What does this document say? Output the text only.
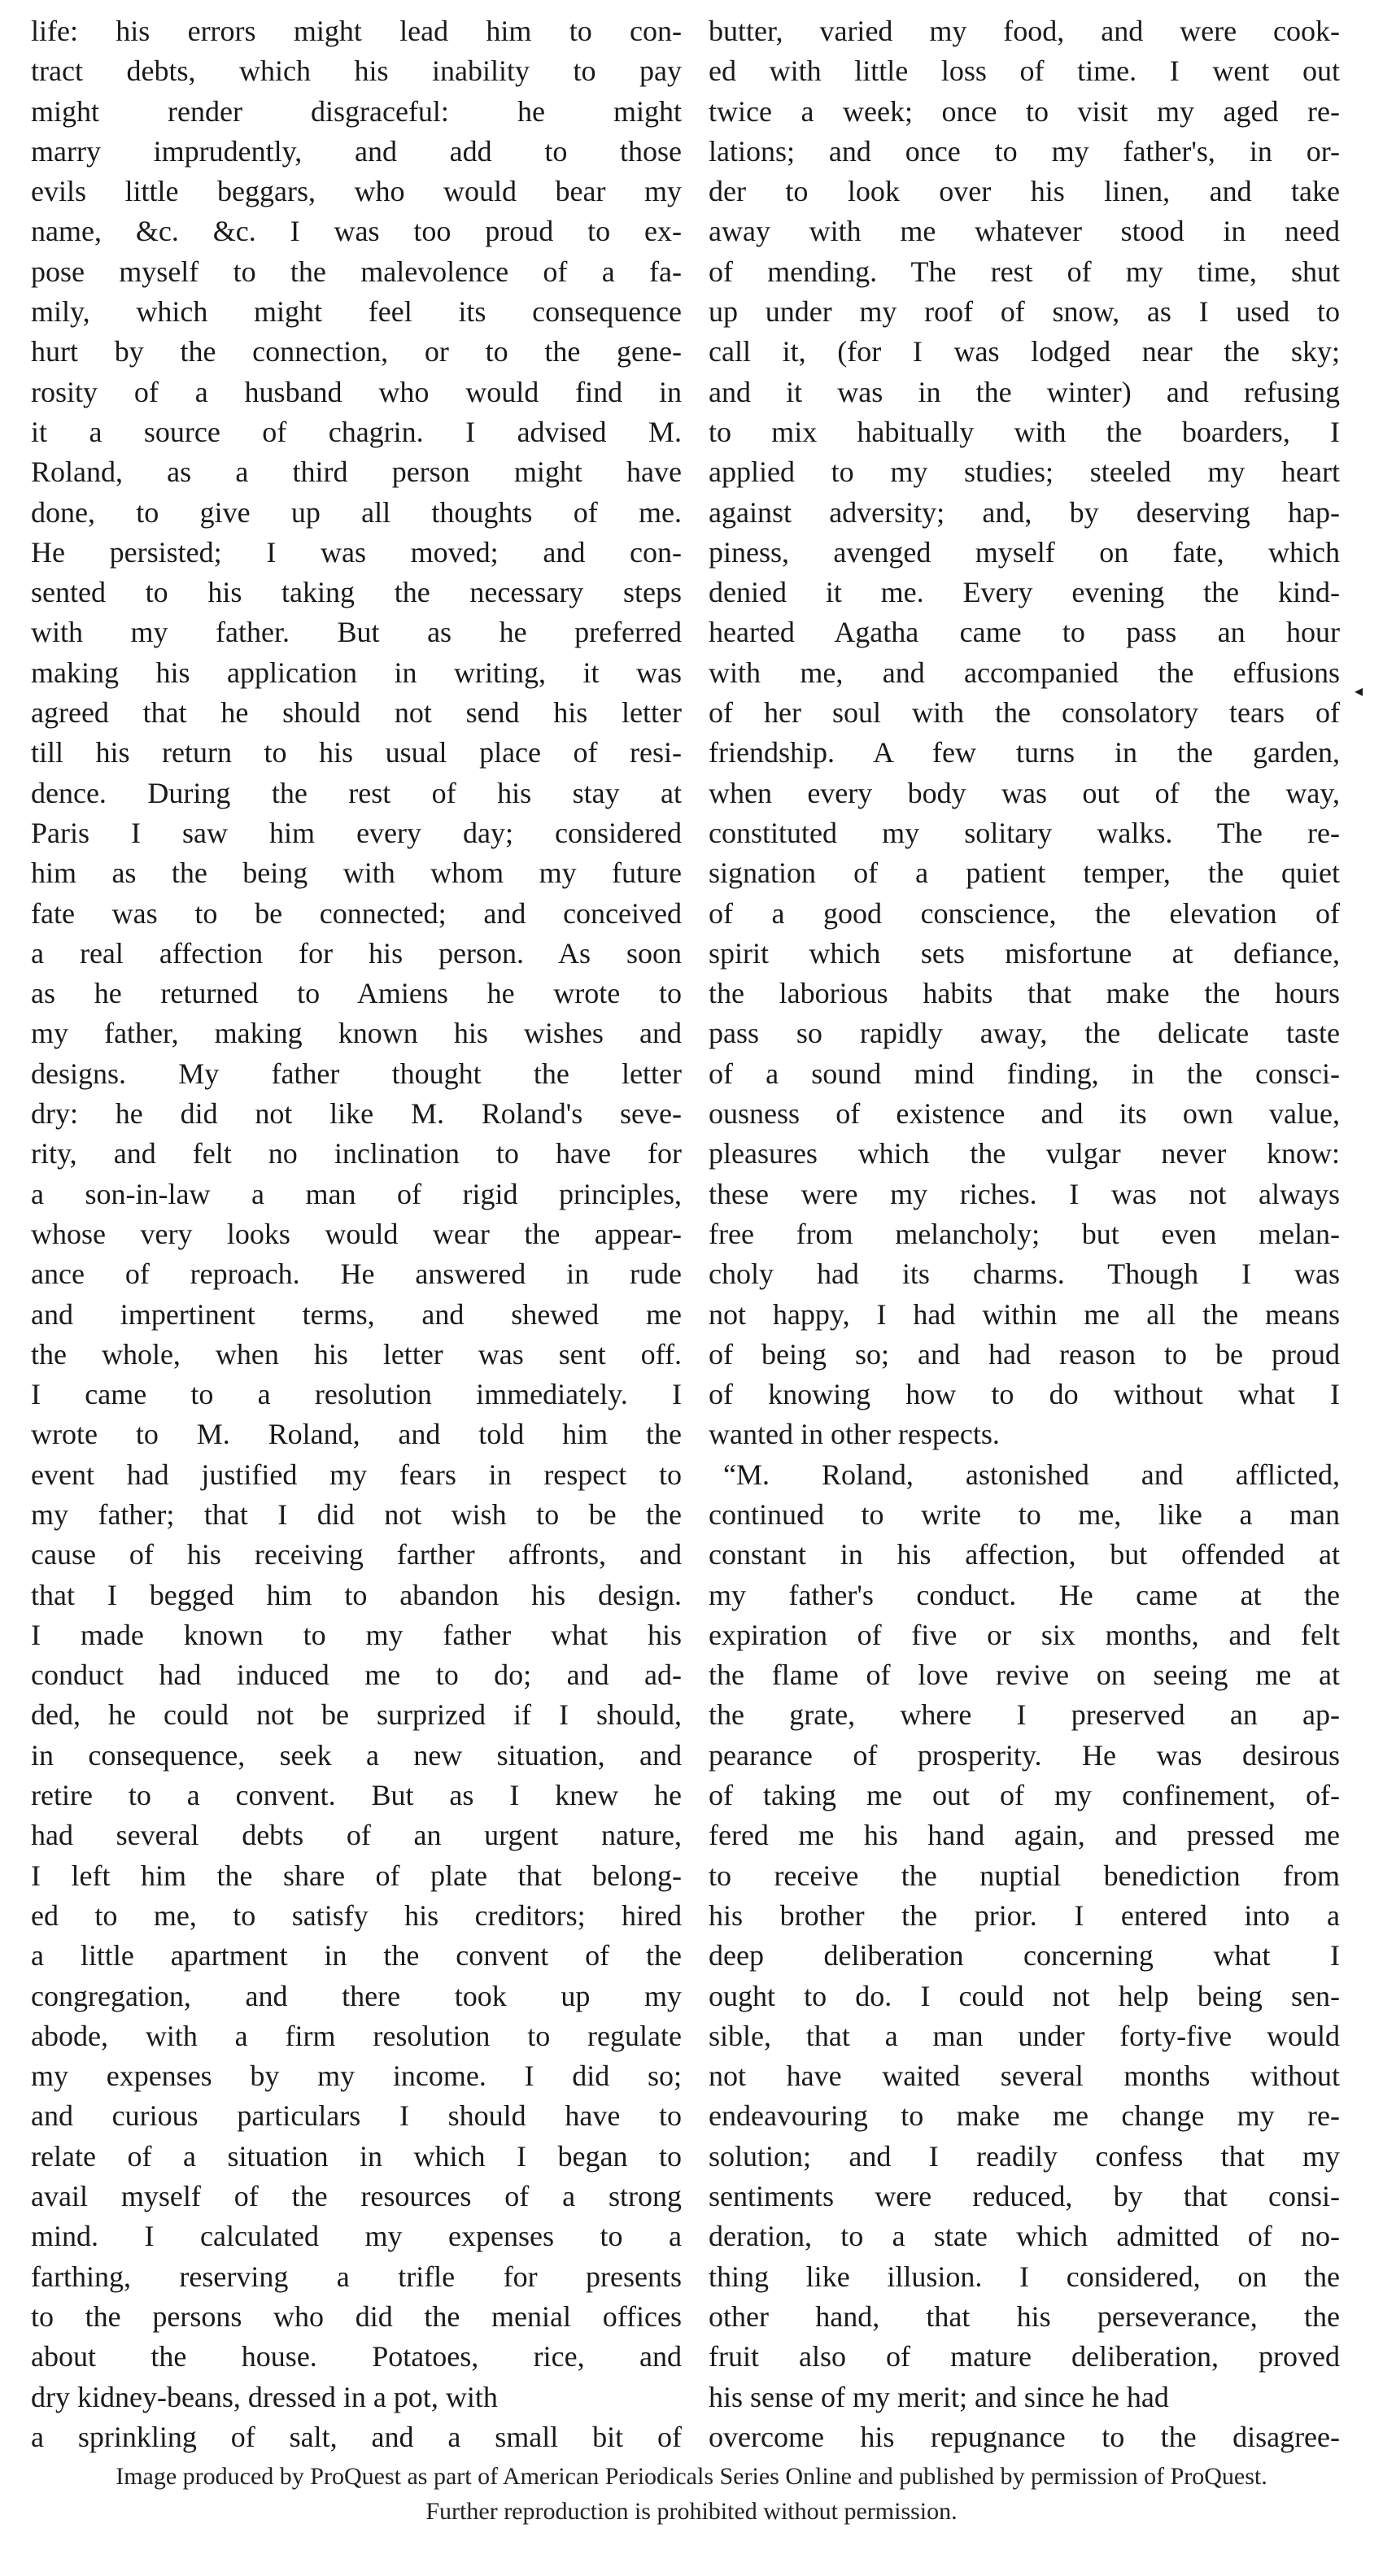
life: his errors might lead him to con-
tract debts, which his inability to pay
might render disgraceful: he might
marry imprudently, and add to those
evils little beggars, who would bear my
name, &c. &c. I was too proud to ex-
pose myself to the malevolence of a fa-
mily, which might feel its consequence
hurt by the connection, or to the gene-
rosity of a husband who would find in
it a source of chagrin. I advised M.
Roland, as a third person might have
done, to give up all thoughts of me.
He persisted; I was moved; and con-
sented to his taking the necessary steps
with my father. But as he preferred
making his application in writing, it was
agreed that he should not send his letter
till his return to his usual place of resi-
dence. During the rest of his stay at
Paris I saw him every day; considered
him as the being with whom my future
fate was to be connected; and conceived
a real affection for his person. As soon
as he returned to Amiens he wrote to
my father, making known his wishes and
designs. My father thought the letter
dry: he did not like M. Roland's seve-
rity, and felt no inclination to have for
a son-in-law a man of rigid principles,
whose very looks would wear the appear-
ance of reproach. He answered in rude
and impertinent terms, and shewed me
the whole, when his letter was sent off.
I came to a resolution immediately. I
wrote to M. Roland, and told him the
event had justified my fears in respect to
my father; that I did not wish to be the
cause of his receiving farther affronts, and
that I begged him to abandon his design.
I made known to my father what his
conduct had induced me to do; and ad-
ded, he could not be surprized if I should,
in consequence, seek a new situation, and
retire to a convent. But as I knew he
had several debts of an urgent nature,
I left him the share of plate that belong-
ed to me, to satisfy his creditors; hired
a little apartment in the convent of the
congregation, and there took up my
abode, with a firm resolution to regulate
my expenses by my income. I did so;
and curious particulars I should have to
relate of a situation in which I began to
avail myself of the resources of a strong
mind. I calculated my expenses to a
farthing, reserving a trifle for presents
to the persons who did the menial offices
about the house. Potatoes, rice, and
dry kidney-beans, dressed in a pot, with
a sprinkling of salt, and a small bit of
butter, varied my food, and were cook-
ed with little loss of time. I went out
twice a week; once to visit my aged re-
lations; and once to my father's, in or-
der to look over his linen, and take
away with me whatever stood in need
of mending. The rest of my time, shut
up under my roof of snow, as I used to
call it, (for I was lodged near the sky;
and it was in the winter) and refusing
to mix habitually with the boarders, I
applied to my studies; steeled my heart
against adversity; and, by deserving hap-
piness, avenged myself on fate, which
denied it me. Every evening the kind-
hearted Agatha came to pass an hour
with me, and accompanied the effusions
of her soul with the consolatory tears of
friendship. A few turns in the garden,
when every body was out of the way,
constituted my solitary walks. The re-
signation of a patient temper, the quiet
of a good conscience, the elevation of
spirit which sets misfortune at defiance,
the laborious habits that make the hours
pass so rapidly away, the delicate taste
of a sound mind finding, in the consci-
ousness of existence and its own value,
pleasures which the vulgar never know:
these were my riches. I was not always
free from melancholy; but even melan-
choly had its charms. Though I was
not happy, I had within me all the means
of being so; and had reason to be proud
of knowing how to do without what I
wanted in other respects.
“M. Roland, astonished and afflicted,
continued to write to me, like a man
constant in his affection, but offended at
my father's conduct. He came at the
expiration of five or six months, and felt
the flame of love revive on seeing me at
the grate, where I preserved an ap-
pearance of prosperity. He was desirous
of taking me out of my confinement, of-
fered me his hand again, and pressed me
to receive the nuptial benediction from
his brother the prior. I entered into a
deep deliberation concerning what I
ought to do. I could not help being sen-
sible, that a man under forty-five would
not have waited several months without
endeavouring to make me change my re-
solution; and I readily confess that my
sentiments were reduced, by that consi-
deration, to a state which admitted of no-
thing like illusion. I considered, on the
other hand, that his perseverance, the
fruit also of mature deliberation, proved
his sense of my merit; and since he had
overcome his repugnance to the disagree-
◂
Image produced by ProQuest as part of American Periodicals Series Online and published by permission of ProQuest.
Further reproduction is prohibited without permission.
